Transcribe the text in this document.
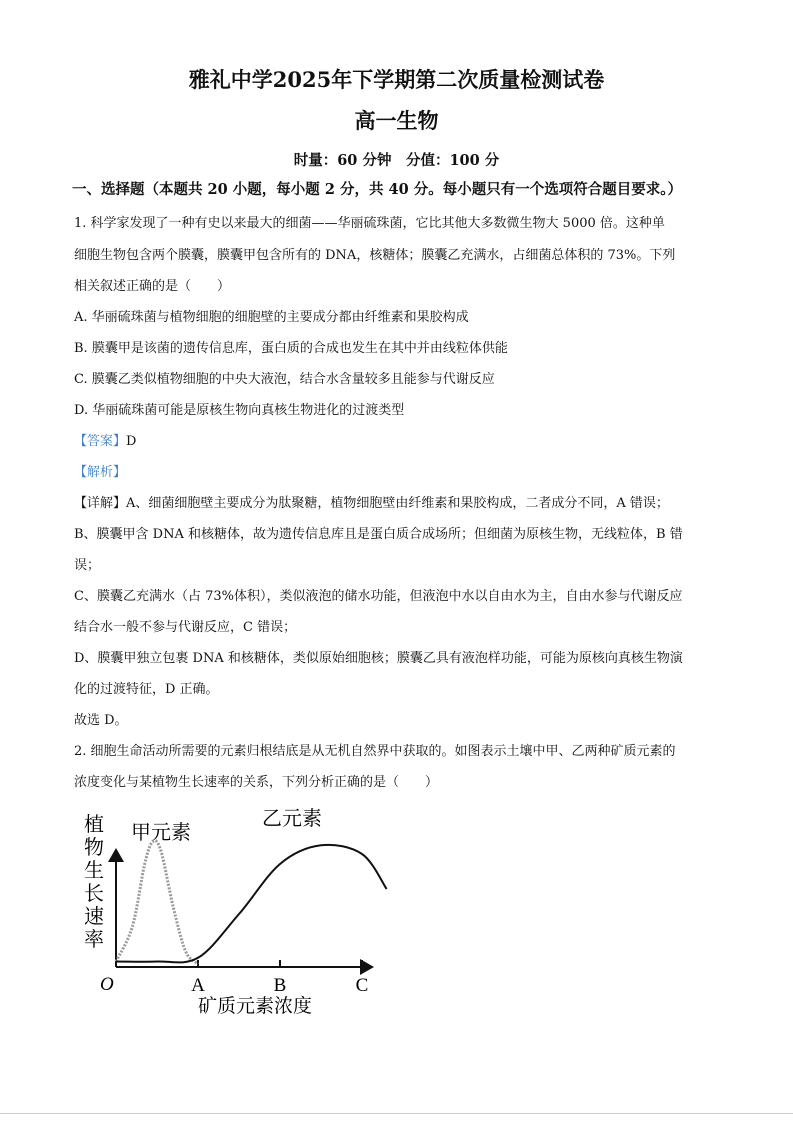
雅礼中学2025年下学期第二次质量检测试卷
高一生物
时量：60 分钟　分值：100 分
一、选择题（本题共 20 小题，每小题 2 分，共 40 分。每小题只有一个选项符合题目要求。）
1. 科学家发现了一种有史以来最大的细菌——华丽硫珠菌，它比其他大多数微生物大 5000 倍。这种单
细胞生物包含两个膜囊，膜囊甲包含所有的 DNA，核糖体；膜囊乙充满水，占细菌总体积的 73%。下列
相关叙述正确的是（　　）
A. 华丽硫珠菌与植物细胞的细胞壁的主要成分都由纤维素和果胶构成
B. 膜囊甲是该菌的遗传信息库，蛋白质的合成也发生在其中并由线粒体供能
C. 膜囊乙类似植物细胞的中央大液泡，结合水含量较多且能参与代谢反应
D. 华丽硫珠菌可能是原核生物向真核生物进化的过渡类型
【答案】D
【解析】
【详解】A、细菌细胞壁主要成分为肽聚糖，植物细胞壁由纤维素和果胶构成，二者成分不同，A 错误；
B、膜囊甲含 DNA 和核糖体，故为遗传信息库且是蛋白质合成场所；但细菌为原核生物，无线粒体，B 错
误；
C、膜囊乙充满水（占 73%体积），类似液泡的储水功能，但液泡中水以自由水为主，自由水参与代谢反应
结合水一般不参与代谢反应，C 错误；
D、膜囊甲独立包裹 DNA 和核糖体，类似原始细胞核；膜囊乙具有液泡样功能，可能为原核向真核生物演
化的过渡特征，D 正确。
故选 D。
2. 细胞生命活动所需要的元素归根结底是从无机自然界中获取的。如图表示土壤中甲、乙两种矿质元素的
浓度变化与某植物生长速率的关系，下列分析正确的是（　　）
植
物
生
长
速
率
甲元素
乙元素
A	B	C
O
矿质元素浓度
